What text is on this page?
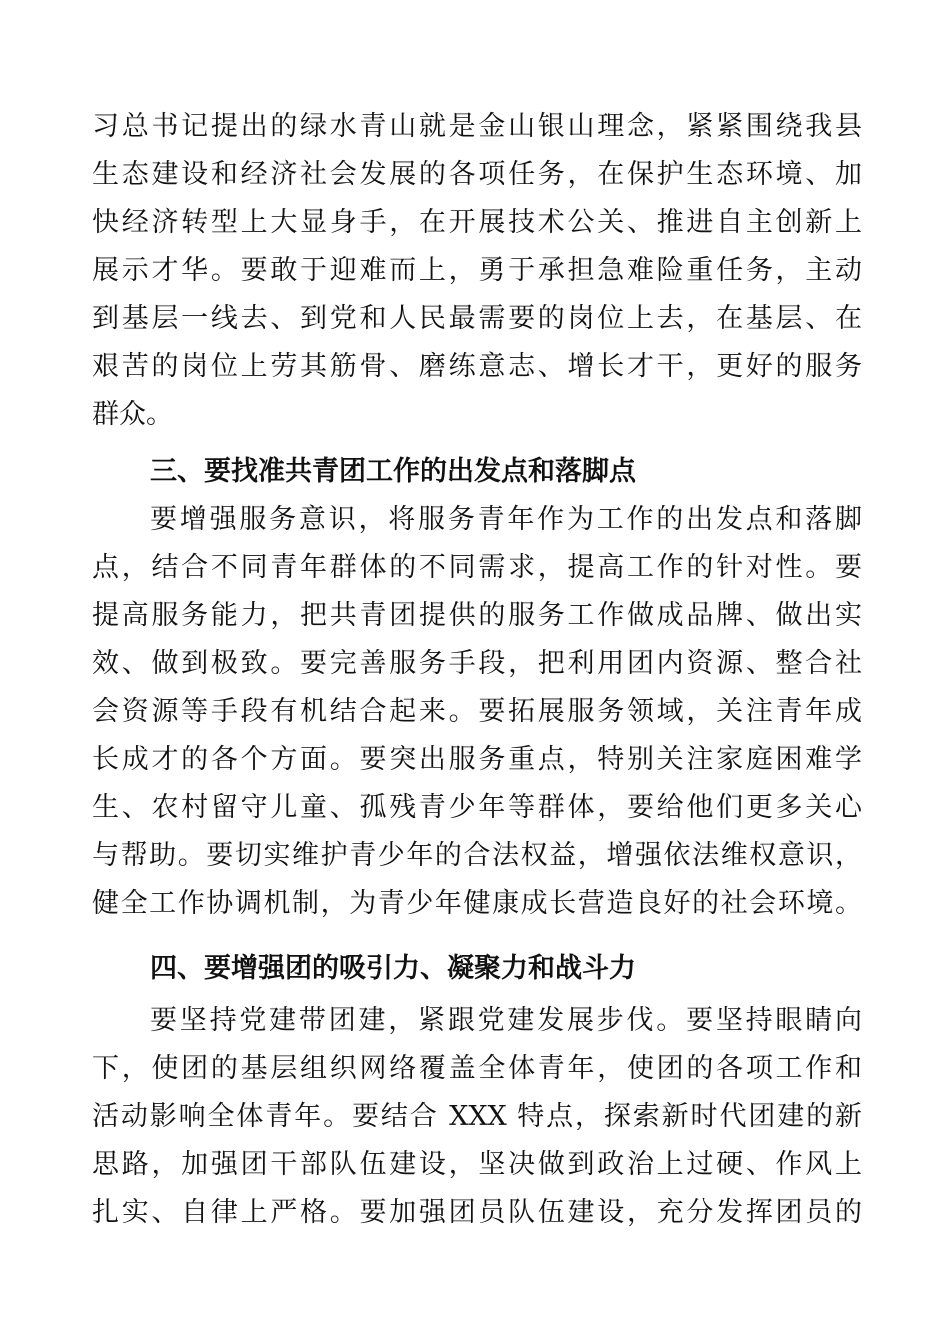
习总书记提出的绿水青山就是金山银山理念，紧紧围绕我县
生态建设和经济社会发展的各项任务，在保护生态环境、加
快经济转型上大显身手，在开展技术公关、推进自主创新上
展示才华。要敢于迎难而上，勇于承担急难险重任务，主动
到基层一线去、到党和人民最需要的岗位上去，在基层、在
艰苦的岗位上劳其筋骨、磨练意志、增长才干，更好的服务
群众。
三、要找准共青团工作的出发点和落脚点
要增强服务意识，将服务青年作为工作的出发点和落脚
点，结合不同青年群体的不同需求，提高工作的针对性。要
提高服务能力，把共青团提供的服务工作做成品牌、做出实
效、做到极致。要完善服务手段，把利用团内资源、整合社
会资源等手段有机结合起来。要拓展服务领域，关注青年成
长成才的各个方面。要突出服务重点，特别关注家庭困难学
生、农村留守儿童、孤残青少年等群体，要给他们更多关心
与帮助。要切实维护青少年的合法权益，增强依法维权意识，
健全工作协调机制，为青少年健康成长营造良好的社会环境。
四、要增强团的吸引力、凝聚力和战斗力
要坚持党建带团建，紧跟党建发展步伐。要坚持眼睛向
下，使团的基层组织网络覆盖全体青年，使团的各项工作和
活动影响全体青年。要结合 XXX 特点，探索新时代团建的新
思路，加强团干部队伍建设，坚决做到政治上过硬、作风上
扎实、自律上严格。要加强团员队伍建设，充分发挥团员的
